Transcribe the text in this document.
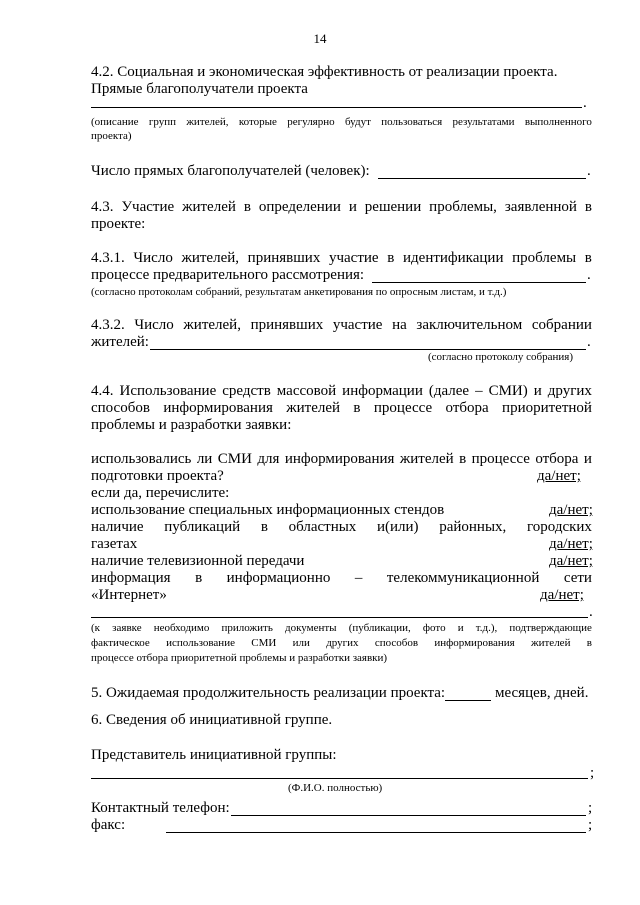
14
4.2. Социальная и экономическая эффективность от реализации проекта.
Прямые благополучатели проекта
.
(описание групп жителей, которые регулярно будут пользоваться результатами выполненного
проекта)
Число прямых благополучателей (человек):	.
4.3. Участие жителей в определении и решении проблемы, заявленной в
проекте:
4.3.1. Число жителей, принявших участие в идентификации проблемы в
процессе предварительного рассмотрения:	.
(согласно протоколам собраний, результатам анкетирования по опросным листам, и т.д.)
4.3.2. Число жителей, принявших участие на заключительном собрании
жителей:	.
(согласно протоколу собрания)
4.4. Использование средств массовой информации (далее – СМИ) и других
способов информирования жителей в процессе отбора приоритетной
проблемы и разработки заявки:
использовались ли СМИ для информирования жителей в процессе отбора и
подготовки проекта?	да/нет;
если да, перечислите:
использование специальных информационных стендов	да/нет;
наличие публикаций в областных и(или) районных, городских
газетах	да/нет;
наличие телевизионной передачи	да/нет;
информация в информационно – телекоммуникационной сети
«Интернет»	да/нет;
.
(к заявке необходимо приложить документы (публикации, фото и т.д.), подтверждающие
фактическое использование СМИ или других способов информирования жителей в
процессе отбора приоритетной проблемы и разработки заявки)
5. Ожидаемая продолжительность реализации проекта:	месяцев, дней.
6. Сведения об инициативной группе.
Представитель инициативной группы:
;
(Ф.И.О. полностью)
Контактный телефон:	;
факс:	;
